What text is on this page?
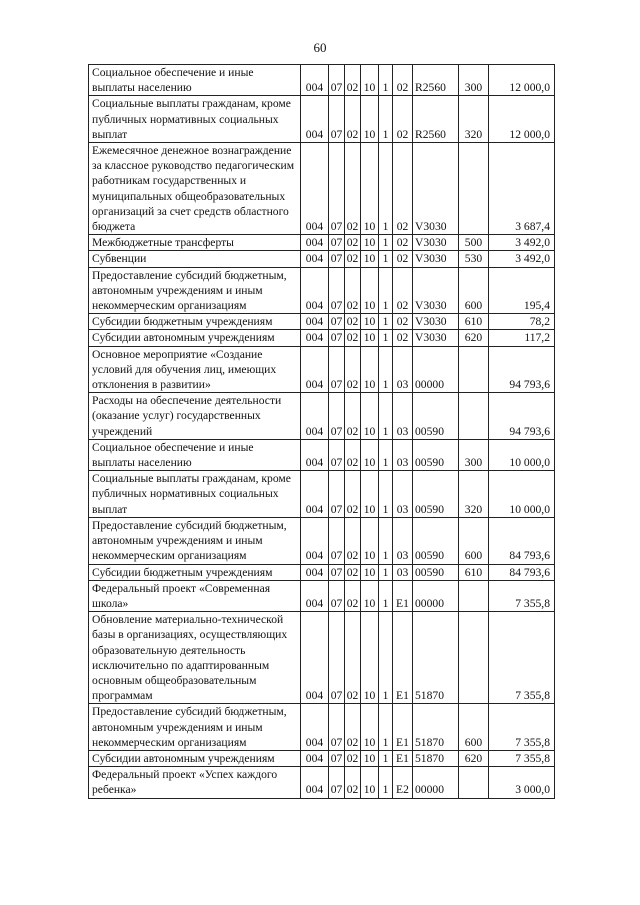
60
Социальное обеспечение и иные выплаты населению	004	07	02	10	1	02	R2560	300	12 000,0
Социальные выплаты гражданам, кроме публичных нормативных социальных выплат	004	07	02	10	1	02	R2560	320	12 000,0
Ежемесячное денежное вознаграждение за классное руководство педагогическим работникам государственных и муниципальных общеобразовательных организаций за счет средств областного бюджета	004	07	02	10	1	02	V3030		3 687,4
Межбюджетные трансферты	004	07	02	10	1	02	V3030	500	3 492,0
Субвенции	004	07	02	10	1	02	V3030	530	3 492,0
Предоставление субсидий бюджетным, автономным учреждениям и иным некоммерческим организациям	004	07	02	10	1	02	V3030	600	195,4
Субсидии бюджетным учреждениям	004	07	02	10	1	02	V3030	610	78,2
Субсидии автономным учреждениям	004	07	02	10	1	02	V3030	620	117,2
Основное мероприятие «Создание условий для обучения лиц, имеющих отклонения в развитии»	004	07	02	10	1	03	00000		94 793,6
Расходы на обеспечение деятельности (оказание услуг) государственных учреждений	004	07	02	10	1	03	00590		94 793,6
Социальное обеспечение и иные выплаты населению	004	07	02	10	1	03	00590	300	10 000,0
Социальные выплаты гражданам, кроме публичных нормативных социальных выплат	004	07	02	10	1	03	00590	320	10 000,0
Предоставление субсидий бюджетным, автономным учреждениям и иным некоммерческим организациям	004	07	02	10	1	03	00590	600	84 793,6
Субсидии бюджетным учреждениям	004	07	02	10	1	03	00590	610	84 793,6
Федеральный проект «Современная школа»	004	07	02	10	1	E1	00000		7 355,8
Обновление материально-технической базы в организациях, осуществляющих образовательную деятельность исключительно по адаптированным основным общеобразовательным программам	004	07	02	10	1	E1	51870		7 355,8
Предоставление субсидий бюджетным, автономным учреждениям и иным некоммерческим организациям	004	07	02	10	1	E1	51870	600	7 355,8
Субсидии автономным учреждениям	004	07	02	10	1	E1	51870	620	7 355,8
Федеральный проект «Успех каждого ребенка»	004	07	02	10	1	E2	00000		3 000,0
